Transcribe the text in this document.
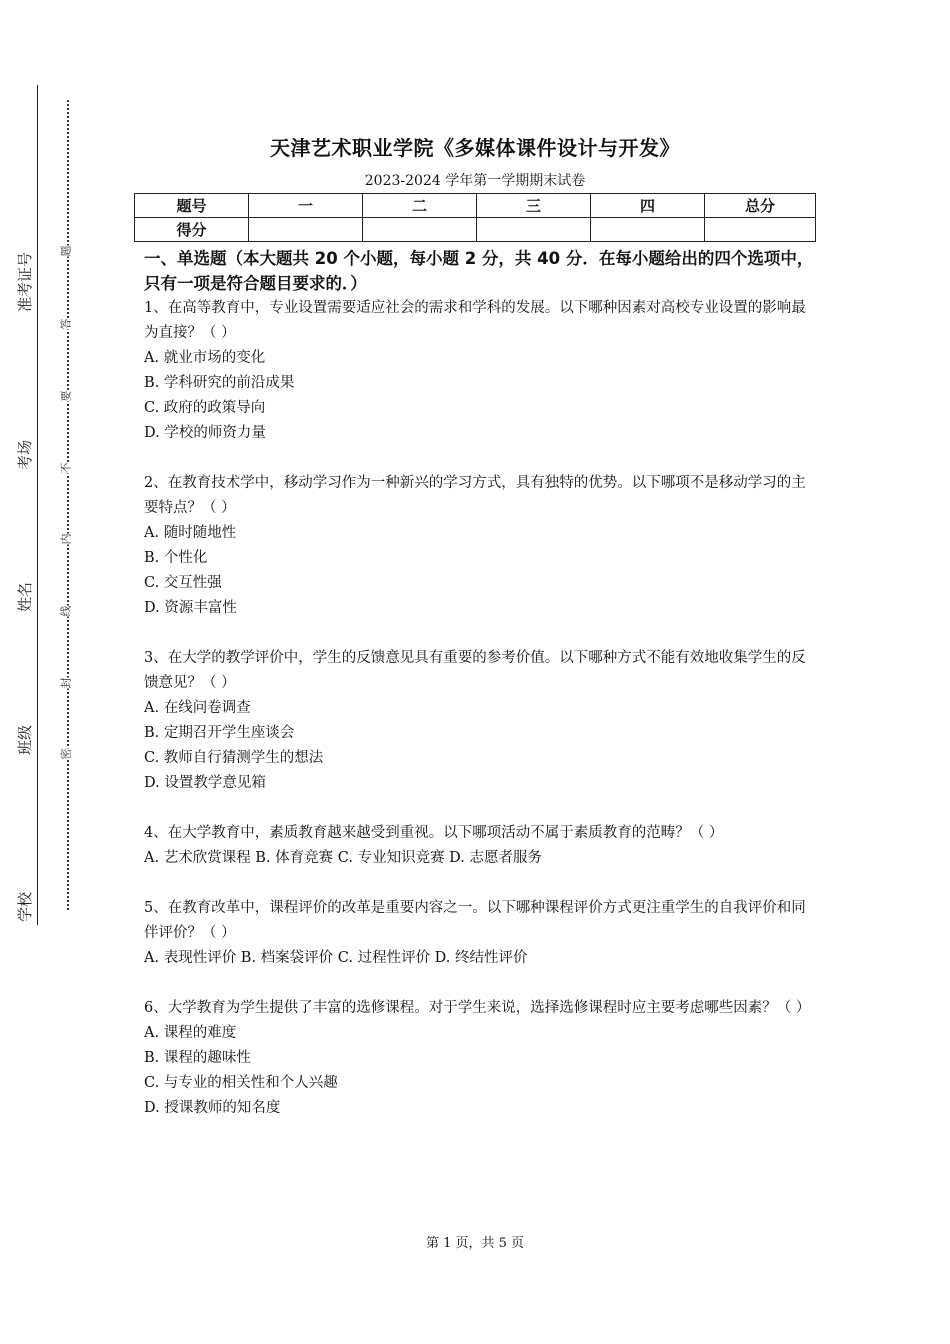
准考证号
考场
姓名
班级
学校
题
答
要
不
内
线
封
密
天津艺术职业学院《多媒体课件设计与开发》
2023-2024 学年第一学期期末试卷
题号	一	二	三	四	总分
得分					
一、单选题（本大题共 20 个小题，每小题 2 分，共 40 分．在每小题给出的四个选项中，只有一项是符合题目要求的．）

1、在高等教育中，专业设置需要适应社会的需求和学科的发展。以下哪种因素对高校专业设置的影响最为直接？（ ）

A. 就业市场的变化

B. 学科研究的前沿成果

C. 政府的政策导向

D. 学校的师资力量

2、在教育技术学中，移动学习作为一种新兴的学习方式，具有独特的优势。以下哪项不是移动学习的主要特点？（ ）

A. 随时随地性

B. 个性化

C. 交互性强

D. 资源丰富性

3、在大学的教学评价中，学生的反馈意见具有重要的参考价值。以下哪种方式不能有效地收集学生的反馈意见？（ ）

A. 在线问卷调查

B. 定期召开学生座谈会

C. 教师自行猜测学生的想法

D. 设置教学意见箱

4、在大学教育中，素质教育越来越受到重视。以下哪项活动不属于素质教育的范畴？（ ）

A. 艺术欣赏课程 B. 体育竞赛 C. 专业知识竞赛 D. 志愿者服务

5、在教育改革中，课程评价的改革是重要内容之一。以下哪种课程评价方式更注重学生的自我评价和同伴评价？（ ）

A. 表现性评价 B. 档案袋评价 C. 过程性评价 D. 终结性评价

6、大学教育为学生提供了丰富的选修课程。对于学生来说，选择选修课程时应主要考虑哪些因素？（ ）

A. 课程的难度

B. 课程的趣味性

C. 与专业的相关性和个人兴趣

D. 授课教师的知名度

第 1 页，共 5 页
